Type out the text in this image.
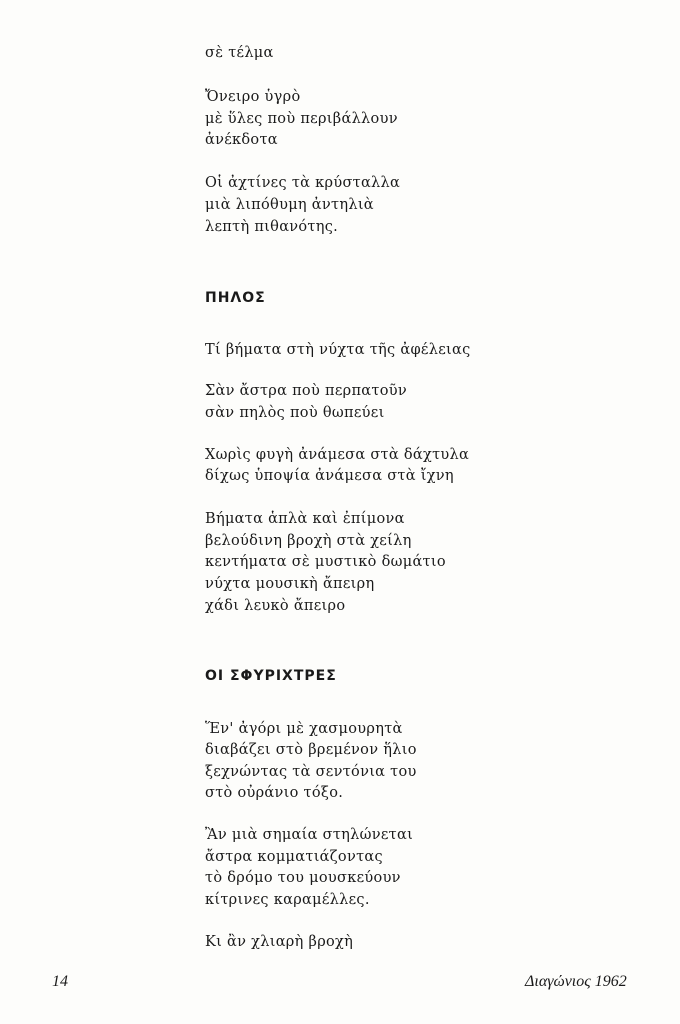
σὲ τέλμα
Ὄνειρο ὑγρὸ
μὲ ὕλες ποὺ περιβάλλουν
ἀνέκδοτα
Οἱ ἀχτίνες τὰ κρύσταλλα
μιὰ λιπόθυμη ἀντηλιὰ
λεπτὴ πιθανότης.
ΠΗΛΟΣ
Τί βήματα στὴ νύχτα τῆς ἀφέλειας
Σὰν ἄστρα ποὺ περπατοῦν
σὰν πηλὸς ποὺ θωπεύει
Χωρὶς φυγὴ ἀνάμεσα στὰ δάχτυλα
δίχως ὑποψία ἀνάμεσα στὰ ἴχνη
Βήματα ἁπλὰ καὶ ἐπίμονα
βελούδινη βροχὴ στὰ χείλη
κεντήματα σὲ μυστικὸ δωμάτιο
νύχτα μουσικὴ ἄπειρη
χάδι λευκὸ ἄπειρο
ΟΙ ΣΦΥΡΙΧΤΡΕΣ
Ἕν' ἀγόρι μὲ χασμουρητὰ
διαβάζει στὸ βρεμένον ἥλιο
ξεχνώντας τὰ σεντόνια του
στὸ οὐράνιο τόξο.
Ἂν μιὰ σημαία στηλώνεται
ἄστρα κομματιάζοντας
τὸ δρόμο του μουσκεύουν
κίτρινες καραμέλλες.
Κι ἂν χλιαρὴ βροχὴ
14	Διαγώνιος 1962
